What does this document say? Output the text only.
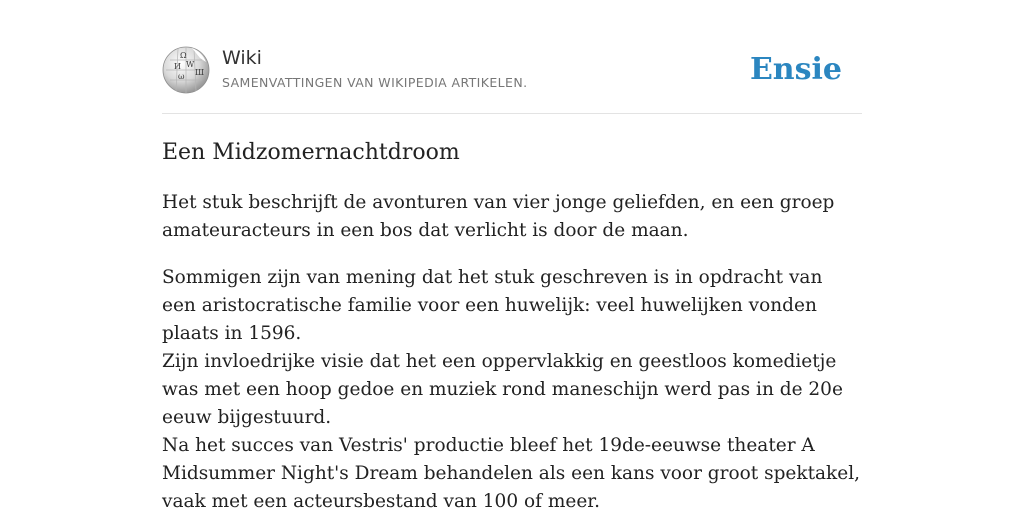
Ω
W
И
Ш
ω
Wiki
SAMENVATTINGEN VAN WIKIPEDIA ARTIKELEN.	Ensie
Een Midzomernachtdroom

Het stuk beschrijft de avonturen van vier jonge geliefden, en een groep amateuracteurs in een bos dat verlicht is door de maan.

Sommigen zijn van mening dat het stuk geschreven is in opdracht van een aristocratische familie voor een huwelijk: veel huwelijken vonden plaats in 1596.

Zijn invloedrijke visie dat het een oppervlakkig en geestloos komedietje was met een hoop gedoe en muziek rond maneschijn werd pas in de 20e eeuw bijgestuurd.

Na het succes van Vestris' productie bleef het 19de-eeuwse theater A Midsummer Night's Dream behandelen als een kans voor groot spektakel, vaak met een acteursbestand van 100 of meer.
